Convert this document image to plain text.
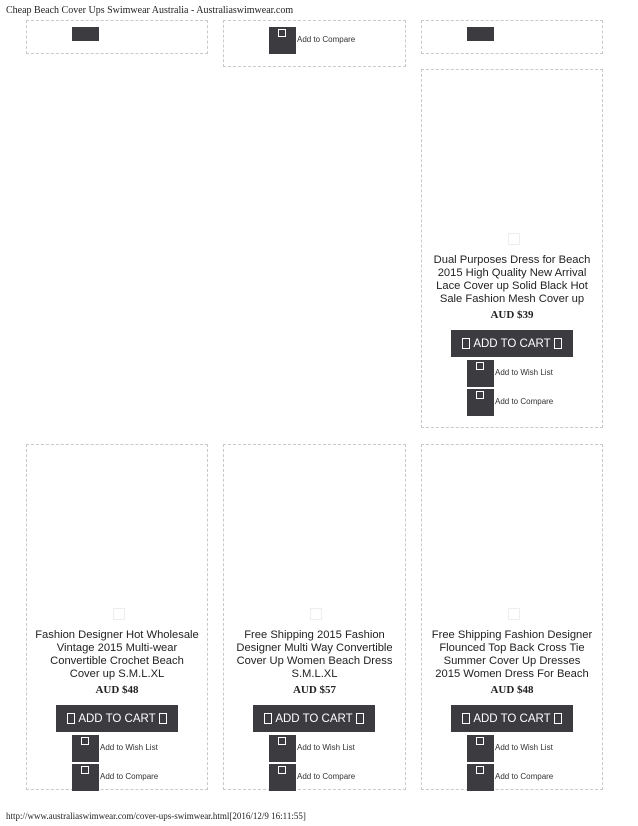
Cheap Beach Cover Ups Swimwear Australia - Australiaswimwear.com
Add to Compare
Dual Purposes Dress for Beach 2015 High Quality New Arrival Lace Cover up Solid Black Hot Sale Fashion Mesh Cover up
AUD $39
ADD TO CART
Add to Wish List
Add to Compare
Fashion Designer Hot Wholesale Vintage 2015 Multi-wear Convertible Crochet Beach Cover up S.M.L.XL
AUD $48
ADD TO CART
Add to Wish List
Add to Compare
Free Shipping 2015 Fashion Designer Multi Way Convertible Cover Up Women Beach Dress S.M.L.XL
AUD $57
ADD TO CART
Add to Wish List
Add to Compare
Free Shipping Fashion Designer Flounced Top Back Cross Tie Summer Cover Up Dresses 2015 Women Dress For Beach
AUD $48
ADD TO CART
Add to Wish List
Add to Compare
http://www.australiaswimwear.com/cover-ups-swimwear.html[2016/12/9 16:11:55]
